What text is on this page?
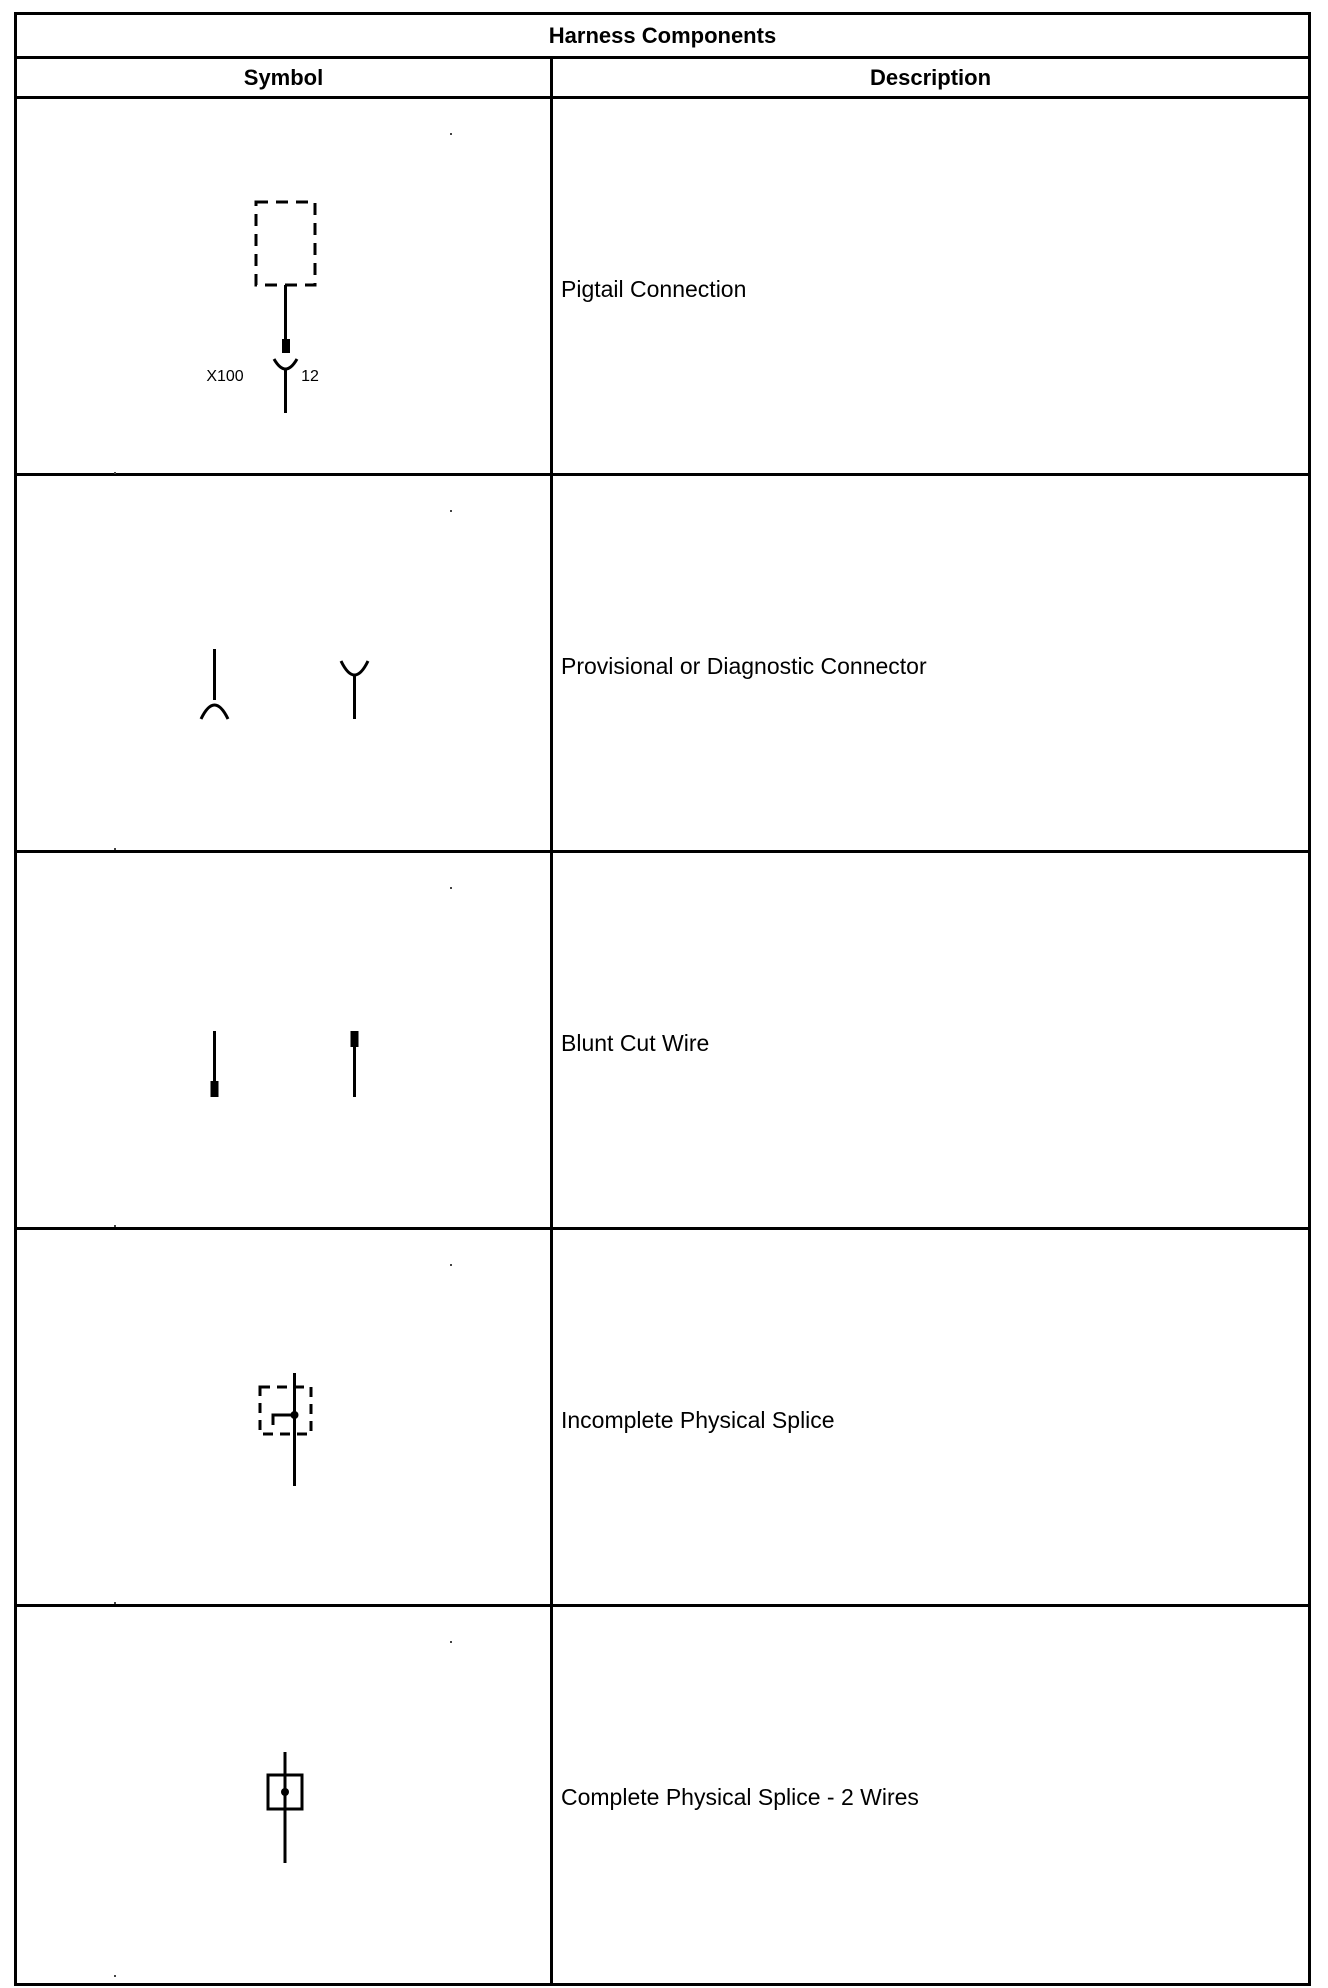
Harness Components
Symbol	Description
X100	12
Pigtail Connection
Provisional or Diagnostic Connector
Blunt Cut Wire
Incomplete Physical Splice
Complete Physical Splice - 2 Wires
